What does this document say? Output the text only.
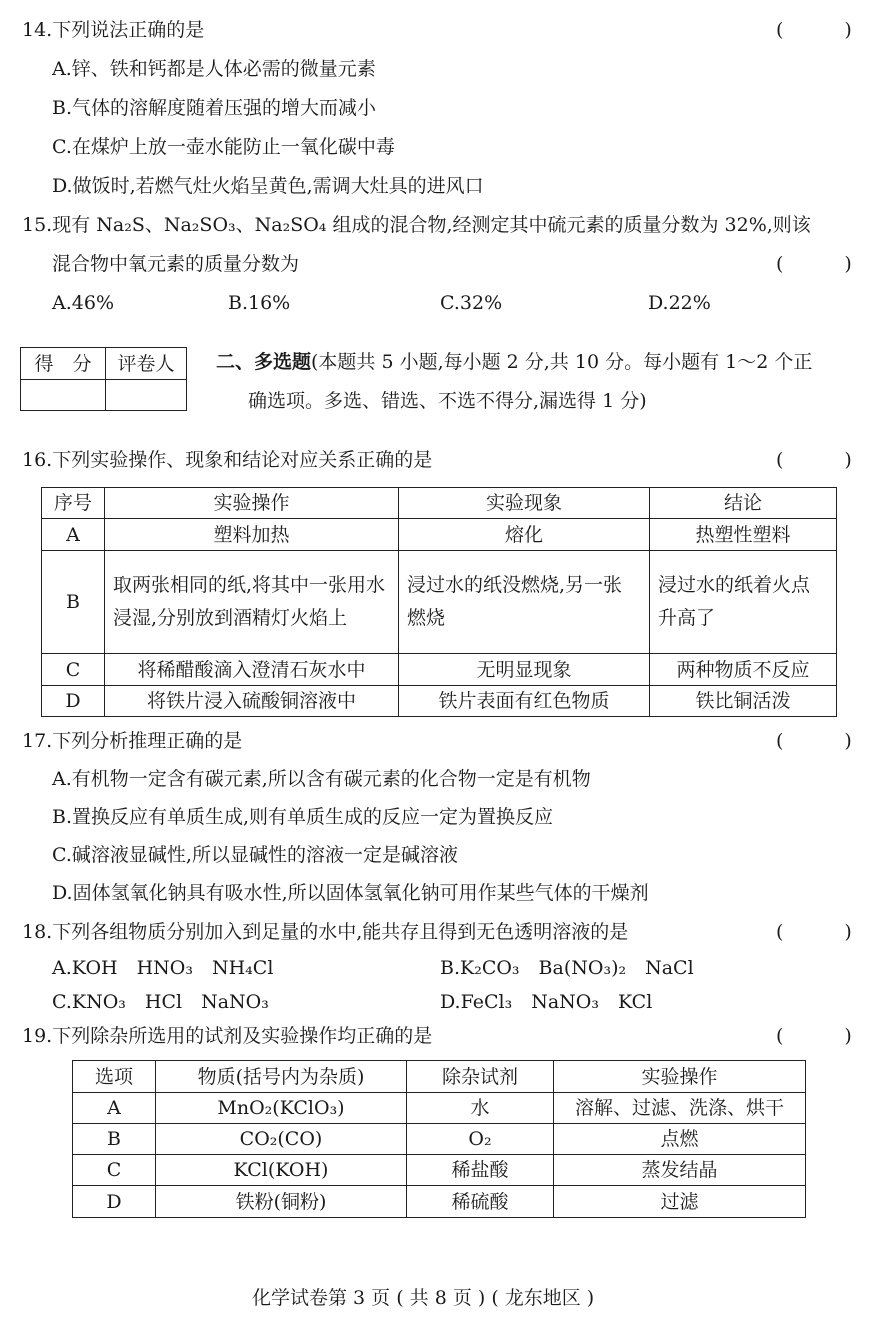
14.下列说法正确的是	(　　　)
A.锌、铁和钙都是人体必需的微量元素
B.气体的溶解度随着压强的增大而减小
C.在煤炉上放一壶水能防止一氧化碳中毒
D.做饭时,若燃气灶火焰呈黄色,需调大灶具的进风口
15.现有 Na₂S、Na₂SO₃、Na₂SO₄ 组成的混合物,经测定其中硫元素的质量分数为 32%,则该
混合物中氧元素的质量分数为	(　　　)
A.46%	B.16%	C.32%	D.22%
得　分	评卷人
	二、多选题(本题共 5 小题,每小题 2 分,共 10 分。每小题有 1～2 个正
确选项。多选、错选、不选不得分,漏选得 1 分)
16.下列实验操作、现象和结论对应关系正确的是	(　　　)
序号	实验操作	实验现象	结论
A	塑料加热	熔化	热塑性塑料
B	取两张相同的纸,将其中一张用水浸湿,分别放到酒精灯火焰上	浸过水的纸没燃烧,另一张燃烧	浸过水的纸着火点升高了
C	将稀醋酸滴入澄清石灰水中	无明显现象	两种物质不反应
D	将铁片浸入硫酸铜溶液中	铁片表面有红色物质	铁比铜活泼
17.下列分析推理正确的是	(　　　)
A.有机物一定含有碳元素,所以含有碳元素的化合物一定是有机物
B.置换反应有单质生成,则有单质生成的反应一定为置换反应
C.碱溶液显碱性,所以显碱性的溶液一定是碱溶液
D.固体氢氧化钠具有吸水性,所以固体氢氧化钠可用作某些气体的干燥剂
18.下列各组物质分别加入到足量的水中,能共存且得到无色透明溶液的是	(　　　)
A.KOH　HNO₃　NH₄Cl	B.K₂CO₃　Ba(NO₃)₂　NaCl
C.KNO₃　HCl　NaNO₃	D.FeCl₃　NaNO₃　KCl
19.下列除杂所选用的试剂及实验操作均正确的是	(　　　)
选项	物质(括号内为杂质)	除杂试剂	实验操作
A	MnO₂(KClO₃)	水	溶解、过滤、洗涤、烘干
B	CO₂(CO)	O₂	点燃
C	KCl(KOH)	稀盐酸	蒸发结晶
D	铁粉(铜粉)	稀硫酸	过滤
化学试卷第 3 页 ( 共 8 页 ) ( 龙东地区 )
